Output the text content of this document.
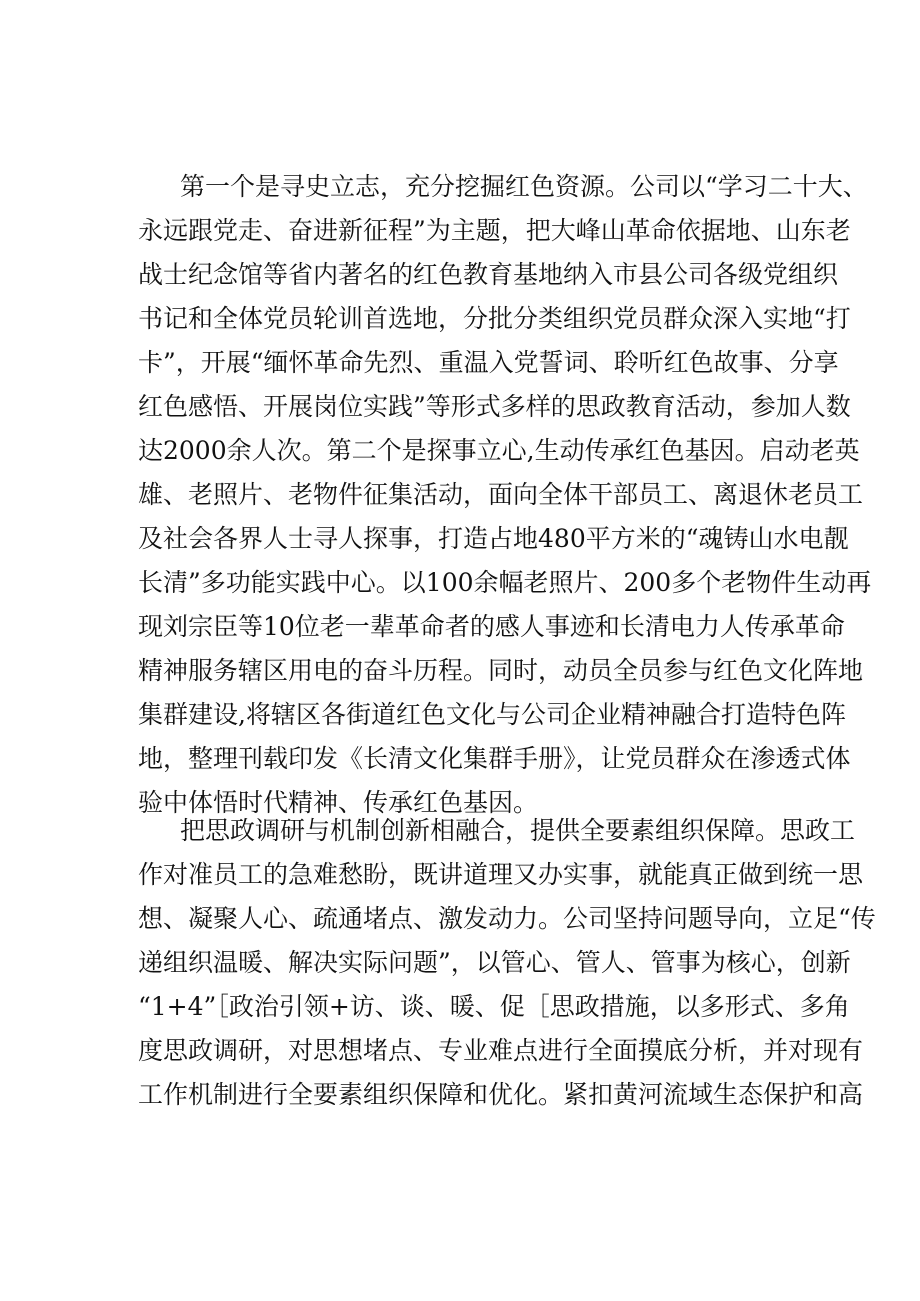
第一个是寻史立志，充分挖掘红色资源。公司以“学习二十大、
永远跟党走、奋进新征程”为主题，把大峰山革命依据地、山东老
战士纪念馆等省内著名的红色教育基地纳入市县公司各级党组织
书记和全体党员轮训首选地，分批分类组织党员群众深入实地“打
卡”，开展“缅怀革命先烈、重温入党誓词、聆听红色故事、分享
红色感悟、开展岗位实践”等形式多样的思政教育活动，参加人数
达2000余人次。第二个是探事立心,生动传承红色基因。启动老英
雄、老照片、老物件征集活动，面向全体干部员工、离退休老员工
及社会各界人士寻人探事，打造占地480平方米的“魂铸山水电靓
长清”多功能实践中心。以100余幅老照片、200多个老物件生动再
现刘宗臣等10位老一辈革命者的感人事迹和长清电力人传承革命
精神服务辖区用电的奋斗历程。同时，动员全员参与红色文化阵地
集群建设,将辖区各街道红色文化与公司企业精神融合打造特色阵
地，整理刊载印发《长清文化集群手册》，让党员群众在渗透式体
验中体悟时代精神、传承红色基因。
把思政调研与机制创新相融合，提供全要素组织保障。思政工
作对准员工的急难愁盼，既讲道理又办实事，就能真正做到统一思
想、凝聚人心、疏通堵点、激发动力。公司坚持问题导向，立足“传
递组织温暖、解决实际问题”，以管心、管人、管事为核心，创新
“1+4”［政治引领+访、谈、暖、促［思政措施，以多形式、多角
度思政调研，对思想堵点、专业难点进行全面摸底分析，并对现有
工作机制进行全要素组织保障和优化。紧扣黄河流域生态保护和高
